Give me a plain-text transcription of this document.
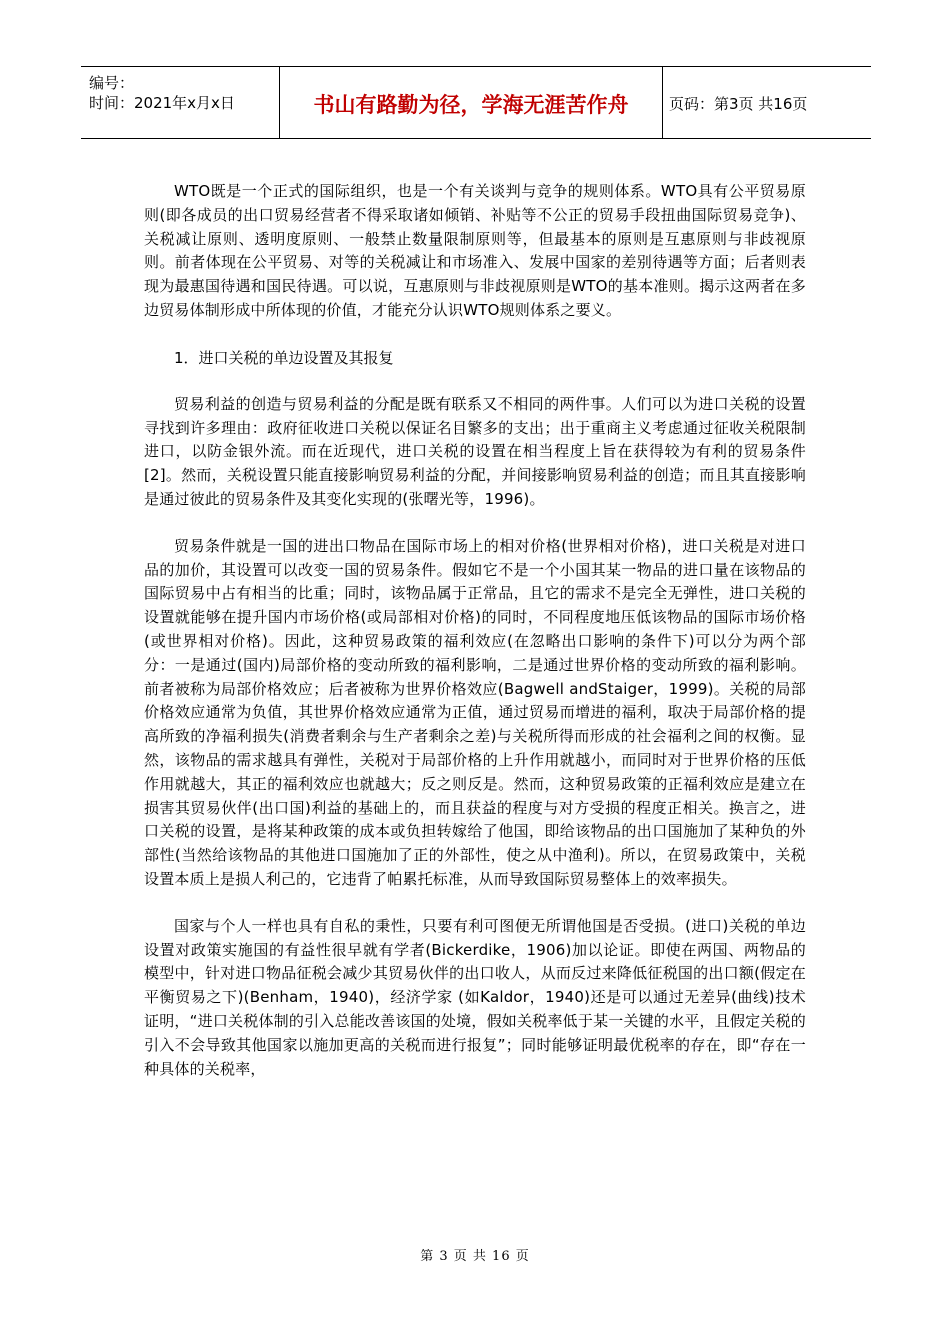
编号：
时间：2021年x月x日	书山有路勤为径，学海无涯苦作舟	页码：第3页 共16页

WTO既是一个正式的国际组织，也是一个有关谈判与竞争的规则体系。WTO具有公平贸易原则(即各成员的出口贸易经营者不得采取诸如倾销、补贴等不公正的贸易手段扭曲国际贸易竞争)、关税减让原则、透明度原则、一般禁止数量限制原则等，但最基本的原则是互惠原则与非歧视原则。前者体现在公平贸易、对等的关税减让和市场准入、发展中国家的差别待遇等方面；后者则表现为最惠国待遇和国民待遇。可以说，互惠原则与非歧视原则是WTO的基本准则。揭示这两者在多边贸易体制形成中所体现的价值，才能充分认识WTO规则体系之要义。

1．进口关税的单边设置及其报复

贸易利益的创造与贸易利益的分配是既有联系又不相同的两件事。人们可以为进口关税的设置寻找到许多理由：政府征收进口关税以保证名目繁多的支出；出于重商主义考虑通过征收关税限制进口，以防金银外流。而在近现代，进口关税的设置在相当程度上旨在获得较为有利的贸易条件[2]。然而，关税设置只能直接影响贸易利益的分配，并间接影响贸易利益的创造；而且其直接影响是通过彼此的贸易条件及其变化实现的(张曙光等，1996)。

贸易条件就是一国的进出口物品在国际市场上的相对价格(世界相对价格)，进口关税是对进口品的加价，其设置可以改变一国的贸易条件。假如它不是一个小国其某一物品的进口量在该物品的国际贸易中占有相当的比重；同时，该物品属于正常品，且它的需求不是完全无弹性，进口关税的设置就能够在提升国内市场价格(或局部相对价格)的同时，不同程度地压低该物品的国际市场价格(或世界相对价格)。因此，这种贸易政策的福利效应(在忽略出口影响的条件下)可以分为两个部分：一是通过(国内)局部价格的变动所致的福利影响，二是通过世界价格的变动所致的福利影响。前者被称为局部价格效应；后者被称为世界价格效应(Bagwell andStaiger，1999)。关税的局部价格效应通常为负值，其世界价格效应通常为正值，通过贸易而增进的福利，取决于局部价格的提高所致的净福利损失(消费者剩余与生产者剩余之差)与关税所得而形成的社会福利之间的权衡。显然，该物品的需求越具有弹性，关税对于局部价格的上升作用就越小，而同时对于世界价格的压低作用就越大，其正的福利效应也就越大；反之则反是。然而，这种贸易政策的正福利效应是建立在损害其贸易伙伴(出口国)利益的基础上的，而且获益的程度与对方受损的程度正相关。换言之，进口关税的设置，是将某种政策的成本或负担转嫁给了他国，即给该物品的出口国施加了某种负的外部性(当然给该物品的其他进口国施加了正的外部性，使之从中渔利)。所以，在贸易政策中，关税设置本质上是损人利己的，它违背了帕累托标准，从而导致国际贸易整体上的效率损失。

国家与个人一样也具有自私的秉性，只要有利可图便无所谓他国是否受损。(进口)关税的单边设置对政策实施国的有益性很早就有学者(Bickerdike，1906)加以论证。即使在两国、两物品的模型中，针对进口物品征税会减少其贸易伙伴的出口收人，从而反过来降低征税国的出口额(假定在平衡贸易之下)(Benham，1940)，经济学家 (如Kaldor，1940)还是可以通过无差异(曲线)技术证明，“进口关税体制的引入总能改善该国的处境，假如关税率低于某一关键的水平，且假定关税的引入不会导致其他国家以施加更高的关税而进行报复”；同时能够证明最优税率的存在，即“存在一种具体的关税率，

第 3 页 共 16 页
